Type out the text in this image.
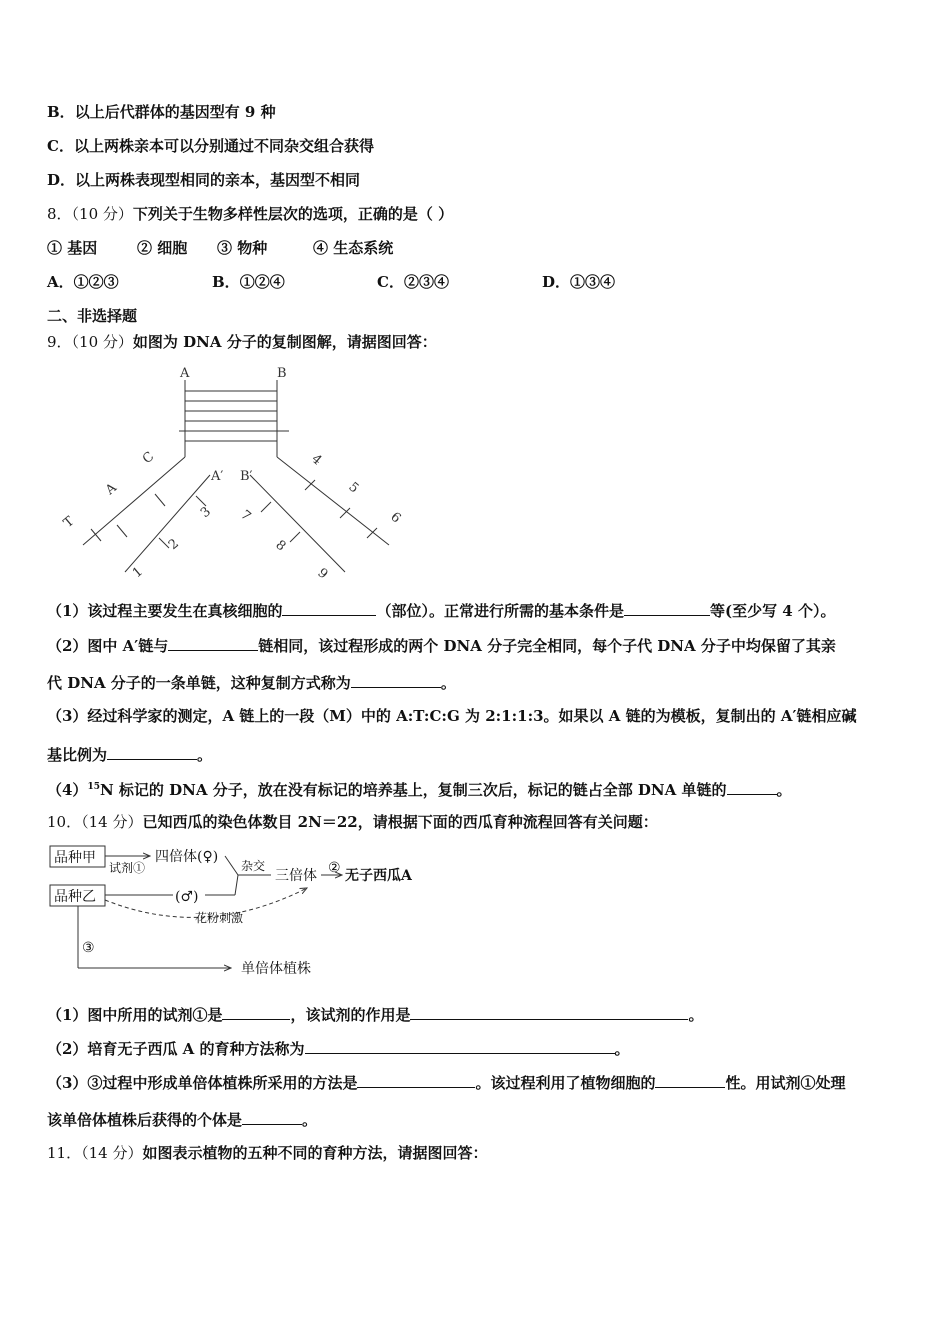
B．以上后代群体的基因型有 9 种
C．以上两株亲本可以分别通过不同杂交组合获得
D．以上两株表现型相同的亲本，基因型不相同
8．（10 分）下列关于生物多样性层次的选项，正确的是（ ）
① 基因	② 细胞 ③ 物种	④ 生态系统
A．①②③	B．①②④	C．②③④	D．①③④
二、非选择题
9．（10 分）如图为 DNA 分子的复制图解，请据图回答：
A	B
A′ B′
C
A
T
3
2
1
7
8
9
4
5
6
（1）该过程主要发生在真核细胞的	（部位）。正常进行所需的基本条件是	等(至少写 4 个）。
（2）图中 A′链与	链相同，该过程形成的两个 DNA 分子完全相同，每个子代 DNA 分子中均保留了其亲
代 DNA 分子的一条单链，这种复制方式称为	。
（3）经过科学家的测定，A 链上的一段（M）中的 A:T:C:G 为 2:1:1:3。如果以 A 链的为模板，复制出的 A′链相应碱
基比例为	。
$(4)^{15}N$ 标记的 DNA 分子，放在没有标记的培养基上，复制三次后，标记的链占全部 DNA 单链的	。
10．（14 分）已知西瓜的染色体数目 2N＝22，请根据下面的西瓜育种流程回答有关问题：
品种甲
品种乙
试剂①
四倍体(♀)
(♂)
杂交
三倍体 ② 无子西瓜A
花粉刺激
③
单倍体植株
（1）图中所用的试剂①是	，该试剂的作用是	。
（2）培育无子西瓜 A 的育种方法称为	。
（3）③过程中形成单倍体植株所采用的方法是	。该过程利用了植物细胞的	性。用试剂①处理
该单倍体植株后获得的个体是	。
11．（14 分）如图表示植物的五种不同的育种方法，请据图回答：
